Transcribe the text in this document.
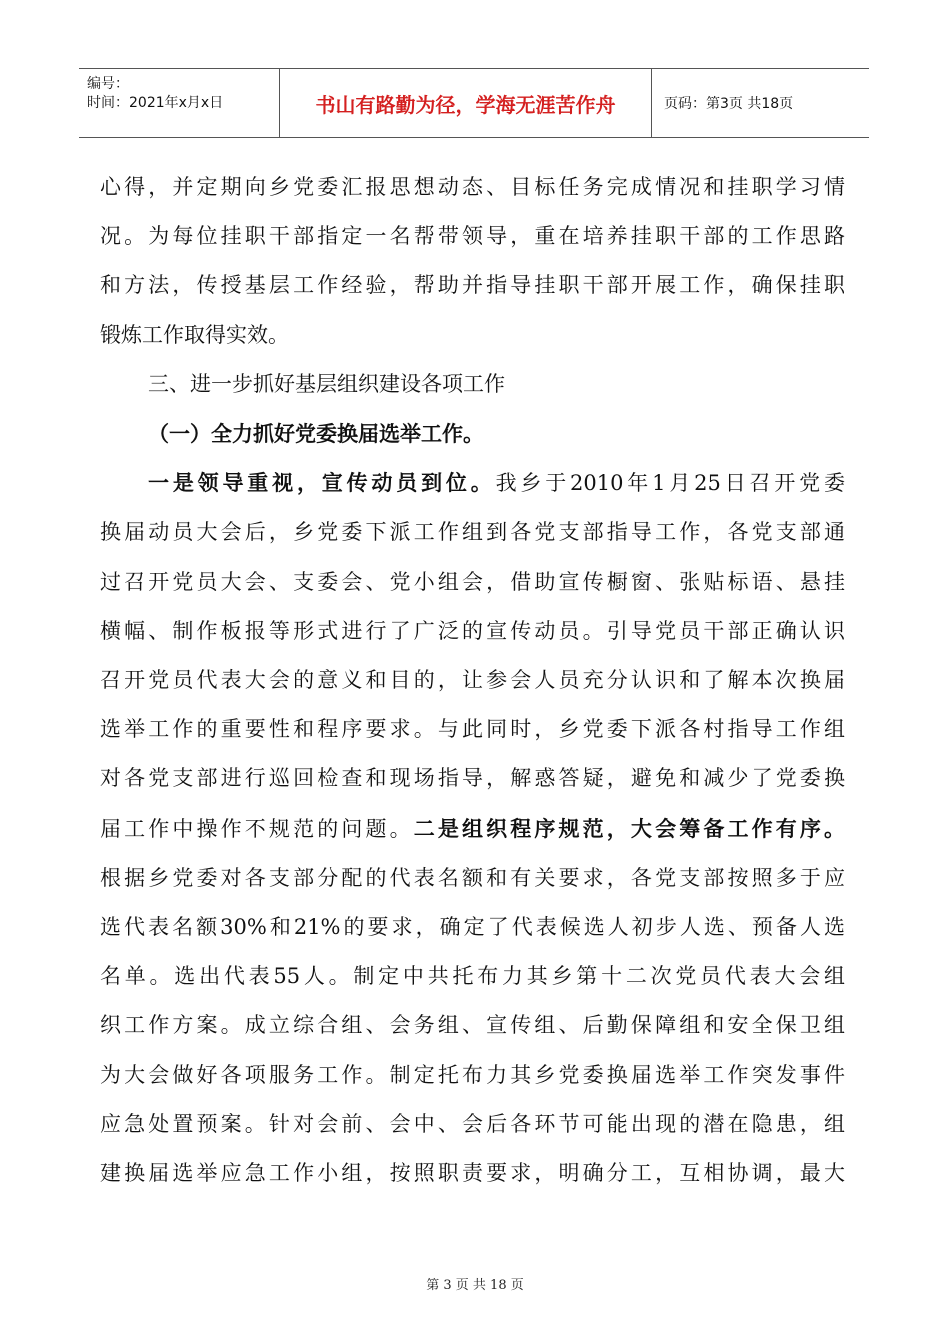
编号：
时间：2021年x月x日	书山有路勤为径，学海无涯苦作舟	页码：第3页 共18页

心得，并定期向乡党委汇报思想动态、目标任务完成情况和挂职学习情
况。为每位挂职干部指定一名帮带领导，重在培养挂职干部的工作思路
和方法，传授基层工作经验，帮助并指导挂职干部开展工作，确保挂职
锻炼工作取得实效。

三、进一步抓好基层组织建设各项工作

（一）全力抓好党委换届选举工作。

一是领导重视，宣传动员到位。我乡于2010年1月25日召开党委
换届动员大会后，乡党委下派工作组到各党支部指导工作，各党支部通
过召开党员大会、支委会、党小组会，借助宣传橱窗、张贴标语、悬挂
横幅、制作板报等形式进行了广泛的宣传动员。引导党员干部正确认识
召开党员代表大会的意义和目的，让参会人员充分认识和了解本次换届
选举工作的重要性和程序要求。与此同时，乡党委下派各村指导工作组
对各党支部进行巡回检查和现场指导，解惑答疑，避免和减少了党委换
届工作中操作不规范的问题。二是组织程序规范，大会筹备工作有序。
根据乡党委对各支部分配的代表名额和有关要求，各党支部按照多于应
选代表名额30%和21%的要求，确定了代表候选人初步人选、预备人选
名单。选出代表55人。制定中共托布力其乡第十二次党员代表大会组
织工作方案。成立综合组、会务组、宣传组、后勤保障组和安全保卫组
为大会做好各项服务工作。制定托布力其乡党委换届选举工作突发事件
应急处置预案。针对会前、会中、会后各环节可能出现的潜在隐患，组
建换届选举应急工作小组，按照职责要求，明确分工，互相协调，最大

第 3 页 共 18 页
